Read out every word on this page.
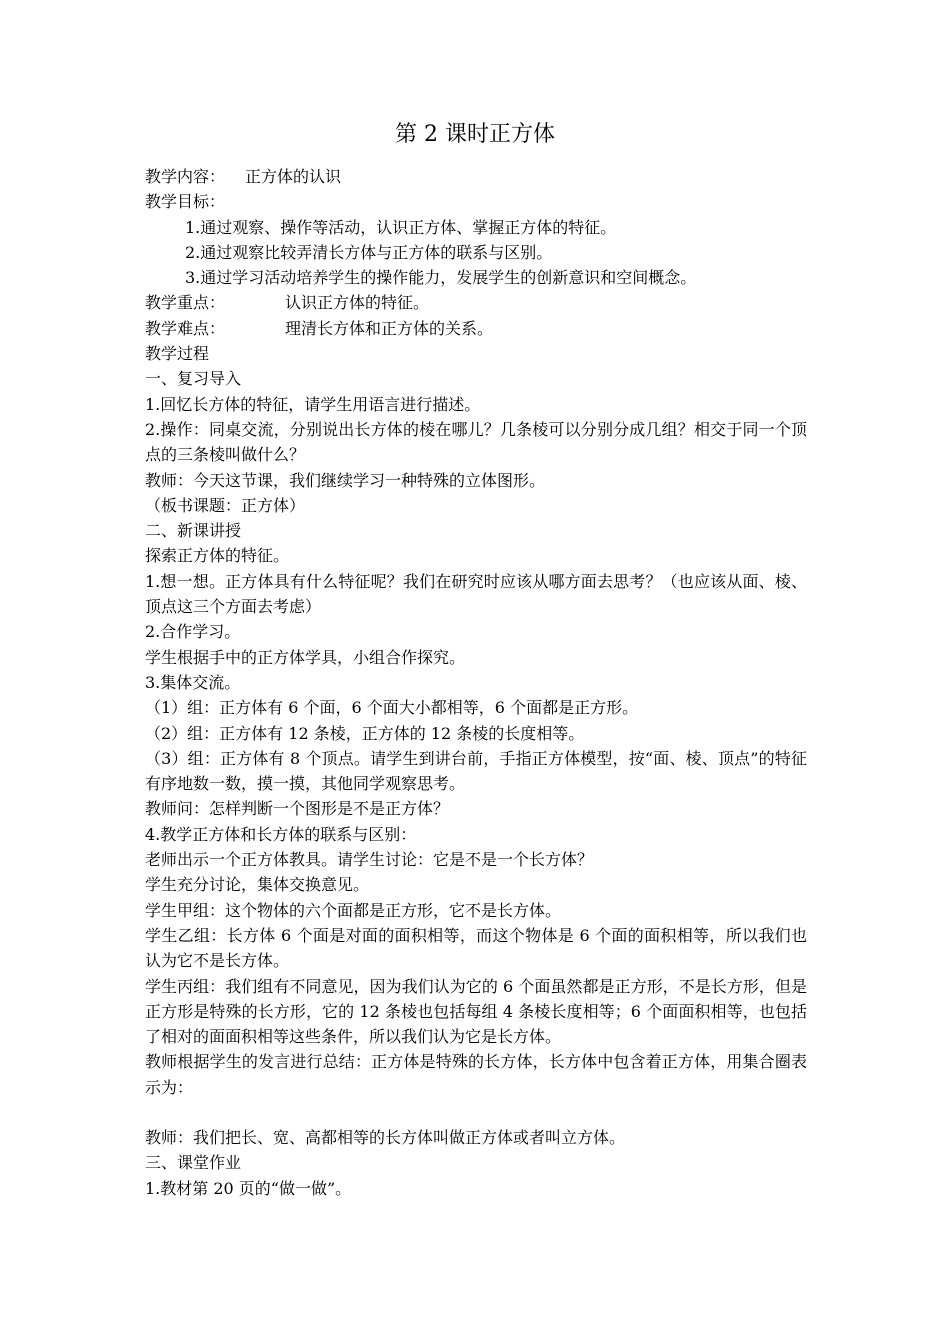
第 2 课时正方体
教学内容： 正方体的认识
教学目标：
1.通过观察、操作等活动，认识正方体、掌握正方体的特征。
2.通过观察比较弄清长方体与正方体的联系与区别。
3.通过学习活动培养学生的操作能力，发展学生的创新意识和空间概念。
教学重点：	认识正方体的特征。
教学难点：	理清长方体和正方体的关系。
教学过程
一、复习导入
1.回忆长方体的特征，请学生用语言进行描述。
2.操作：同桌交流，分别说出长方体的棱在哪儿？几条棱可以分别分成几组？相交于同一个顶点的三条棱叫做什么？
教师：今天这节课，我们继续学习一种特殊的立体图形。
（板书课题：正方体）
二、新课讲授
探索正方体的特征。
1.想一想。正方体具有什么特征呢？我们在研究时应该从哪方面去思考？（也应该从面、棱、顶点这三个方面去考虑）
2.合作学习。
学生根据手中的正方体学具，小组合作探究。
3.集体交流。
（1）组：正方体有 6 个面，6 个面大小都相等，6 个面都是正方形。
（2）组：正方体有 12 条棱，正方体的 12 条棱的长度相等。
（3）组：正方体有 8 个顶点。请学生到讲台前，手指正方体模型，按“面、棱、顶点”的特征有序地数一数，摸一摸，其他同学观察思考。
教师问：怎样判断一个图形是不是正方体？
4.教学正方体和长方体的联系与区别：
老师出示一个正方体教具。请学生讨论：它是不是一个长方体？
学生充分讨论，集体交换意见。
学生甲组：这个物体的六个面都是正方形，它不是长方体。
学生乙组：长方体 6 个面是对面的面积相等，而这个物体是 6 个面的面积相等，所以我们也认为它不是长方体。
学生丙组：我们组有不同意见，因为我们认为它的 6 个面虽然都是正方形，不是长方形，但是正方形是特殊的长方形，它的 12 条棱也包括每组 4 条棱长度相等；6 个面面积相等，也包括了相对的面面积相等这些条件，所以我们认为它是长方体。
教师根据学生的发言进行总结：正方体是特殊的长方体，长方体中包含着正方体，用集合圈表示为：
教师：我们把长、宽、高都相等的长方体叫做正方体或者叫立方体。
三、课堂作业
1.教材第 20 页的“做一做”。
